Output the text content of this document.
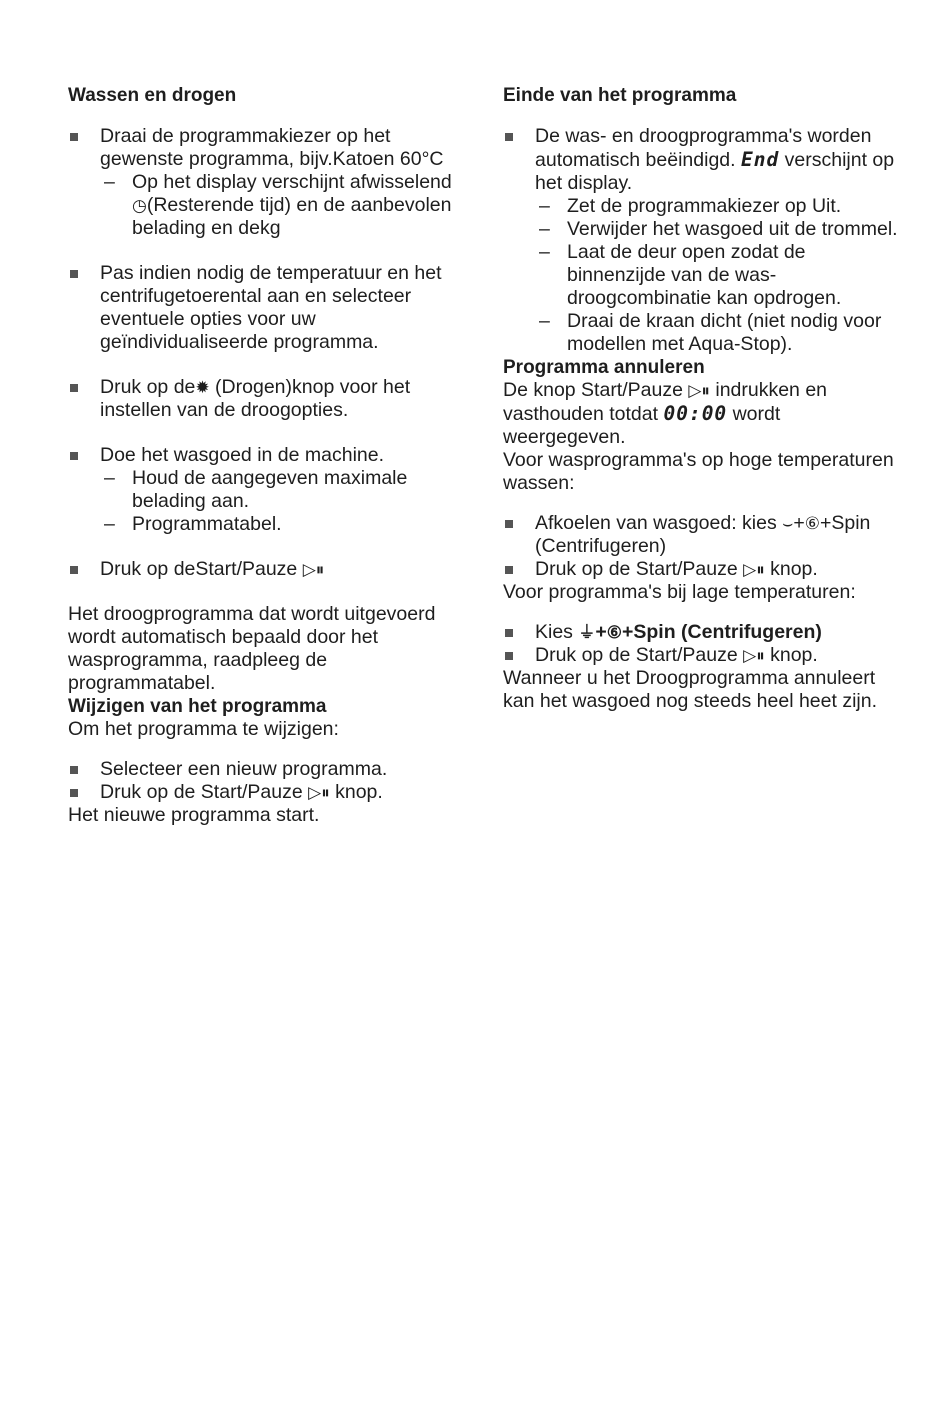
Wassen en drogen

Draai de programmakiezer op het gewenste programma, bijv.Katoen 60°C
– Op het display verschijnt afwisselend ◷(Resterende tijd) en de aanbevolen belading en dekg
Pas indien nodig de temperatuur en het centrifugetoerental aan en selecteer eventuele opties voor uw geïndividualiseerde programma.
Druk op de✹ (Drogen)knop voor het instellen van de droogopties.
Doe het wasgoed in de machine.
– Houd de aangegeven maximale belading aan.
– Programmatabel.
Druk op deStart/Pauze ▷⏸

Het droogprogramma dat wordt uitgevoerd wordt automatisch bepaald door het wasprogramma, raadpleeg de programmatabel.

Wijzigen van het programma

Om het programma te wijzigen:

Selecteer een nieuw programma.
Druk op de Start/Pauze ▷⏸ knop.

Het nieuwe programma start.

Einde van het programma

De was- en droogprogramma's worden automatisch beëindigd. End verschijnt op het display.
– Zet de programmakiezer op Uit.
– Verwijder het wasgoed uit de trommel.
– Laat de deur open zodat de binnenzijde van de was-droogcombinatie kan opdrogen.
– Draai de kraan dicht (niet nodig voor modellen met Aqua-Stop).

Programma annuleren

De knop Start/Pauze ▷⏸ indrukken en vasthouden totdat 00:00 wordt weergegeven.

Voor wasprogramma's op hoge temperaturen wassen:

Afkoelen van wasgoed: kies ⌣+⑥+Spin (Centrifugeren)
Druk op de Start/Pauze ▷⏸ knop.

Voor programma's bij lage temperaturen:

Kies ⏚+⑥+Spin (Centrifugeren)
Druk op de Start/Pauze ▷⏸ knop.

Wanneer u het Droogprogramma annuleert kan het wasgoed nog steeds heel heet zijn.
